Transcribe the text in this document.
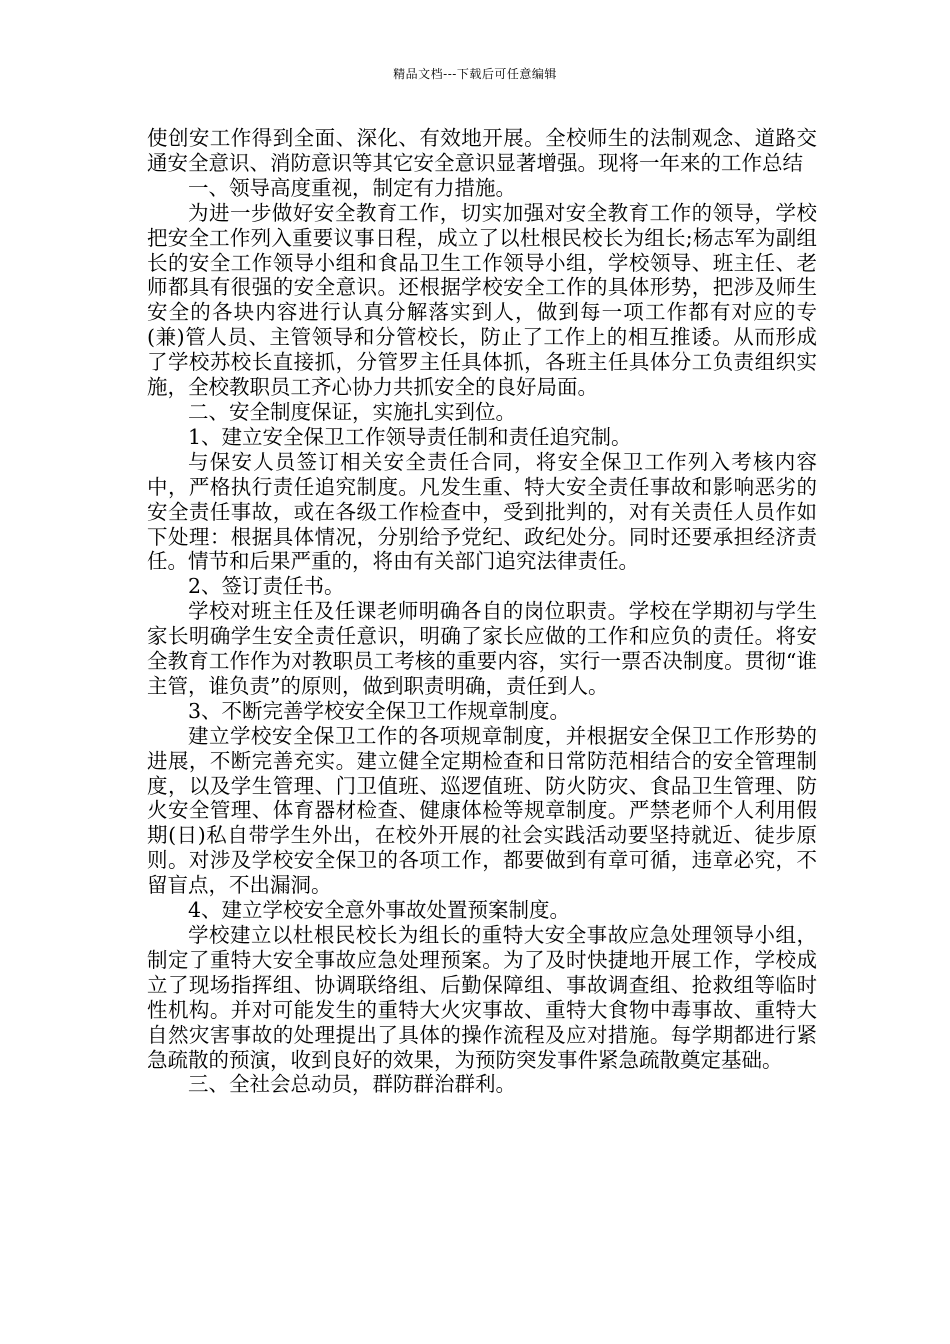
精品文档---下载后可任意编辑

使创安工作得到全面、深化、有效地开展。全校师生的法制观念、道路交通安全意识、消防意识等其它安全意识显著增强。现将一年来的工作总结

一、领导高度重视，制定有力措施。

为进一步做好安全教育工作，切实加强对安全教育工作的领导，学校把安全工作列入重要议事日程，成立了以杜根民校长为组长;杨志军为副组长的安全工作领导小组和食品卫生工作领导小组，学校领导、班主任、老师都具有很强的安全意识。还根据学校安全工作的具体形势，把涉及师生安全的各块内容进行认真分解落实到人，做到每一项工作都有对应的专(兼)管人员、主管领导和分管校长，防止了工作上的相互推诿。从而形成了学校苏校长直接抓，分管罗主任具体抓，各班主任具体分工负责组织实施，全校教职员工齐心协力共抓安全的良好局面。

二、安全制度保证，实施扎实到位。

1、建立安全保卫工作领导责任制和责任追究制。

与保安人员签订相关安全责任合同，将安全保卫工作列入考核内容中，严格执行责任追究制度。凡发生重、特大安全责任事故和影响恶劣的安全责任事故，或在各级工作检查中，受到批判的，对有关责任人员作如下处理：根据具体情况，分别给予党纪、政纪处分。同时还要承担经济责任。情节和后果严重的，将由有关部门追究法律责任。

2、签订责任书。

学校对班主任及任课老师明确各自的岗位职责。学校在学期初与学生家长明确学生安全责任意识，明确了家长应做的工作和应负的责任。将安全教育工作作为对教职员工考核的重要内容，实行一票否决制度。贯彻“谁主管，谁负责”的原则，做到职责明确，责任到人。

3、不断完善学校安全保卫工作规章制度。

建立学校安全保卫工作的各项规章制度，并根据安全保卫工作形势的进展，不断完善充实。建立健全定期检查和日常防范相结合的安全管理制度，以及学生管理、门卫值班、巡逻值班、防火防灾、食品卫生管理、防火安全管理、体育器材检查、健康体检等规章制度。严禁老师个人利用假期(日)私自带学生外出，在校外开展的社会实践活动要坚持就近、徒步原则。对涉及学校安全保卫的各项工作，都要做到有章可循，违章必究，不留盲点，不出漏洞。

4、建立学校安全意外事故处置预案制度。

学校建立以杜根民校长为组长的重特大安全事故应急处理领导小组，制定了重特大安全事故应急处理预案。为了及时快捷地开展工作，学校成立了现场指挥组、协调联络组、后勤保障组、事故调查组、抢救组等临时性机构。并对可能发生的重特大火灾事故、重特大食物中毒事故、重特大自然灾害事故的处理提出了具体的操作流程及应对措施。每学期都进行紧急疏散的预演，收到良好的效果，为预防突发事件紧急疏散奠定基础。

三、全社会总动员，群防群治群利。
